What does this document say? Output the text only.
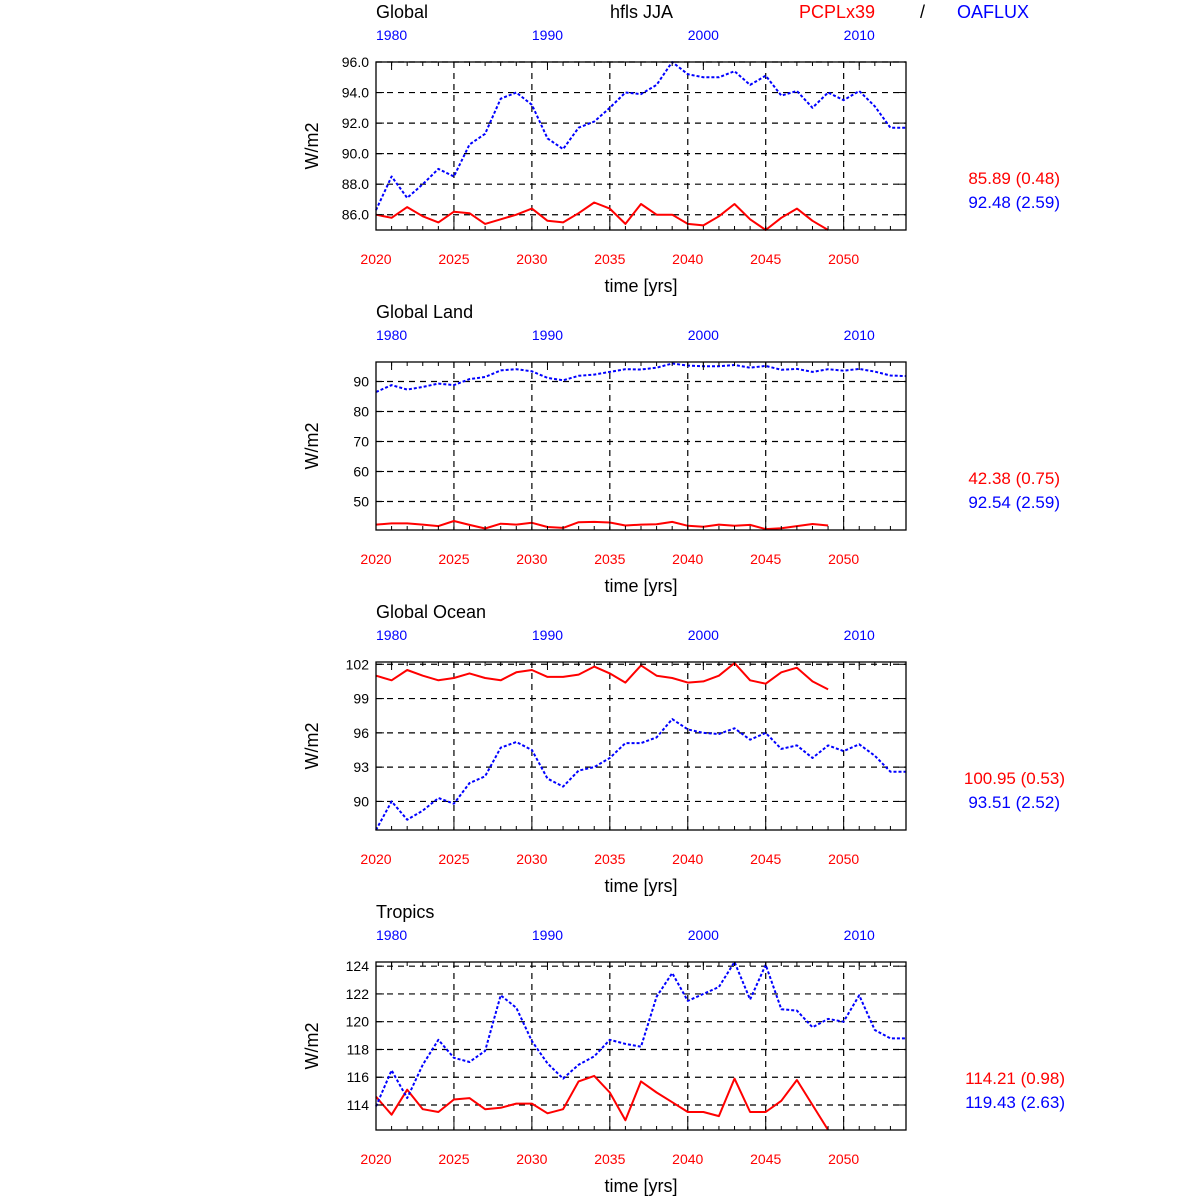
hfls JJA	PCPLx39 / OAFLUX
2020	2025	2030	2035	2040	2045	2050
1980	1990	2000	2010
86.0
88.0
90.0
92.0
94.0
96.0
Global
time [yrs]
W/m2
2020	2025	2030	2035	2040	2045	2050
1980	1990	2000	2010
50
60
70
80
90
Global Land
time [yrs]
W/m2
2020	2025	2030	2035	2040	2045	2050
1980	1990	2000	2010
90
93
96
99
102
Global Ocean
time [yrs]
W/m2
2020	2025	2030	2035	2040	2045	2050
1980	1990	2000	2010
114
116
118
120
122
124
Tropics
time [yrs]
W/m2
85.89 (0.48)
92.48 (2.59)
42.38 (0.75)
92.54 (2.59)
100.95 (0.53)
93.51 (2.52)
114.21 (0.98)
119.43 (2.63)
